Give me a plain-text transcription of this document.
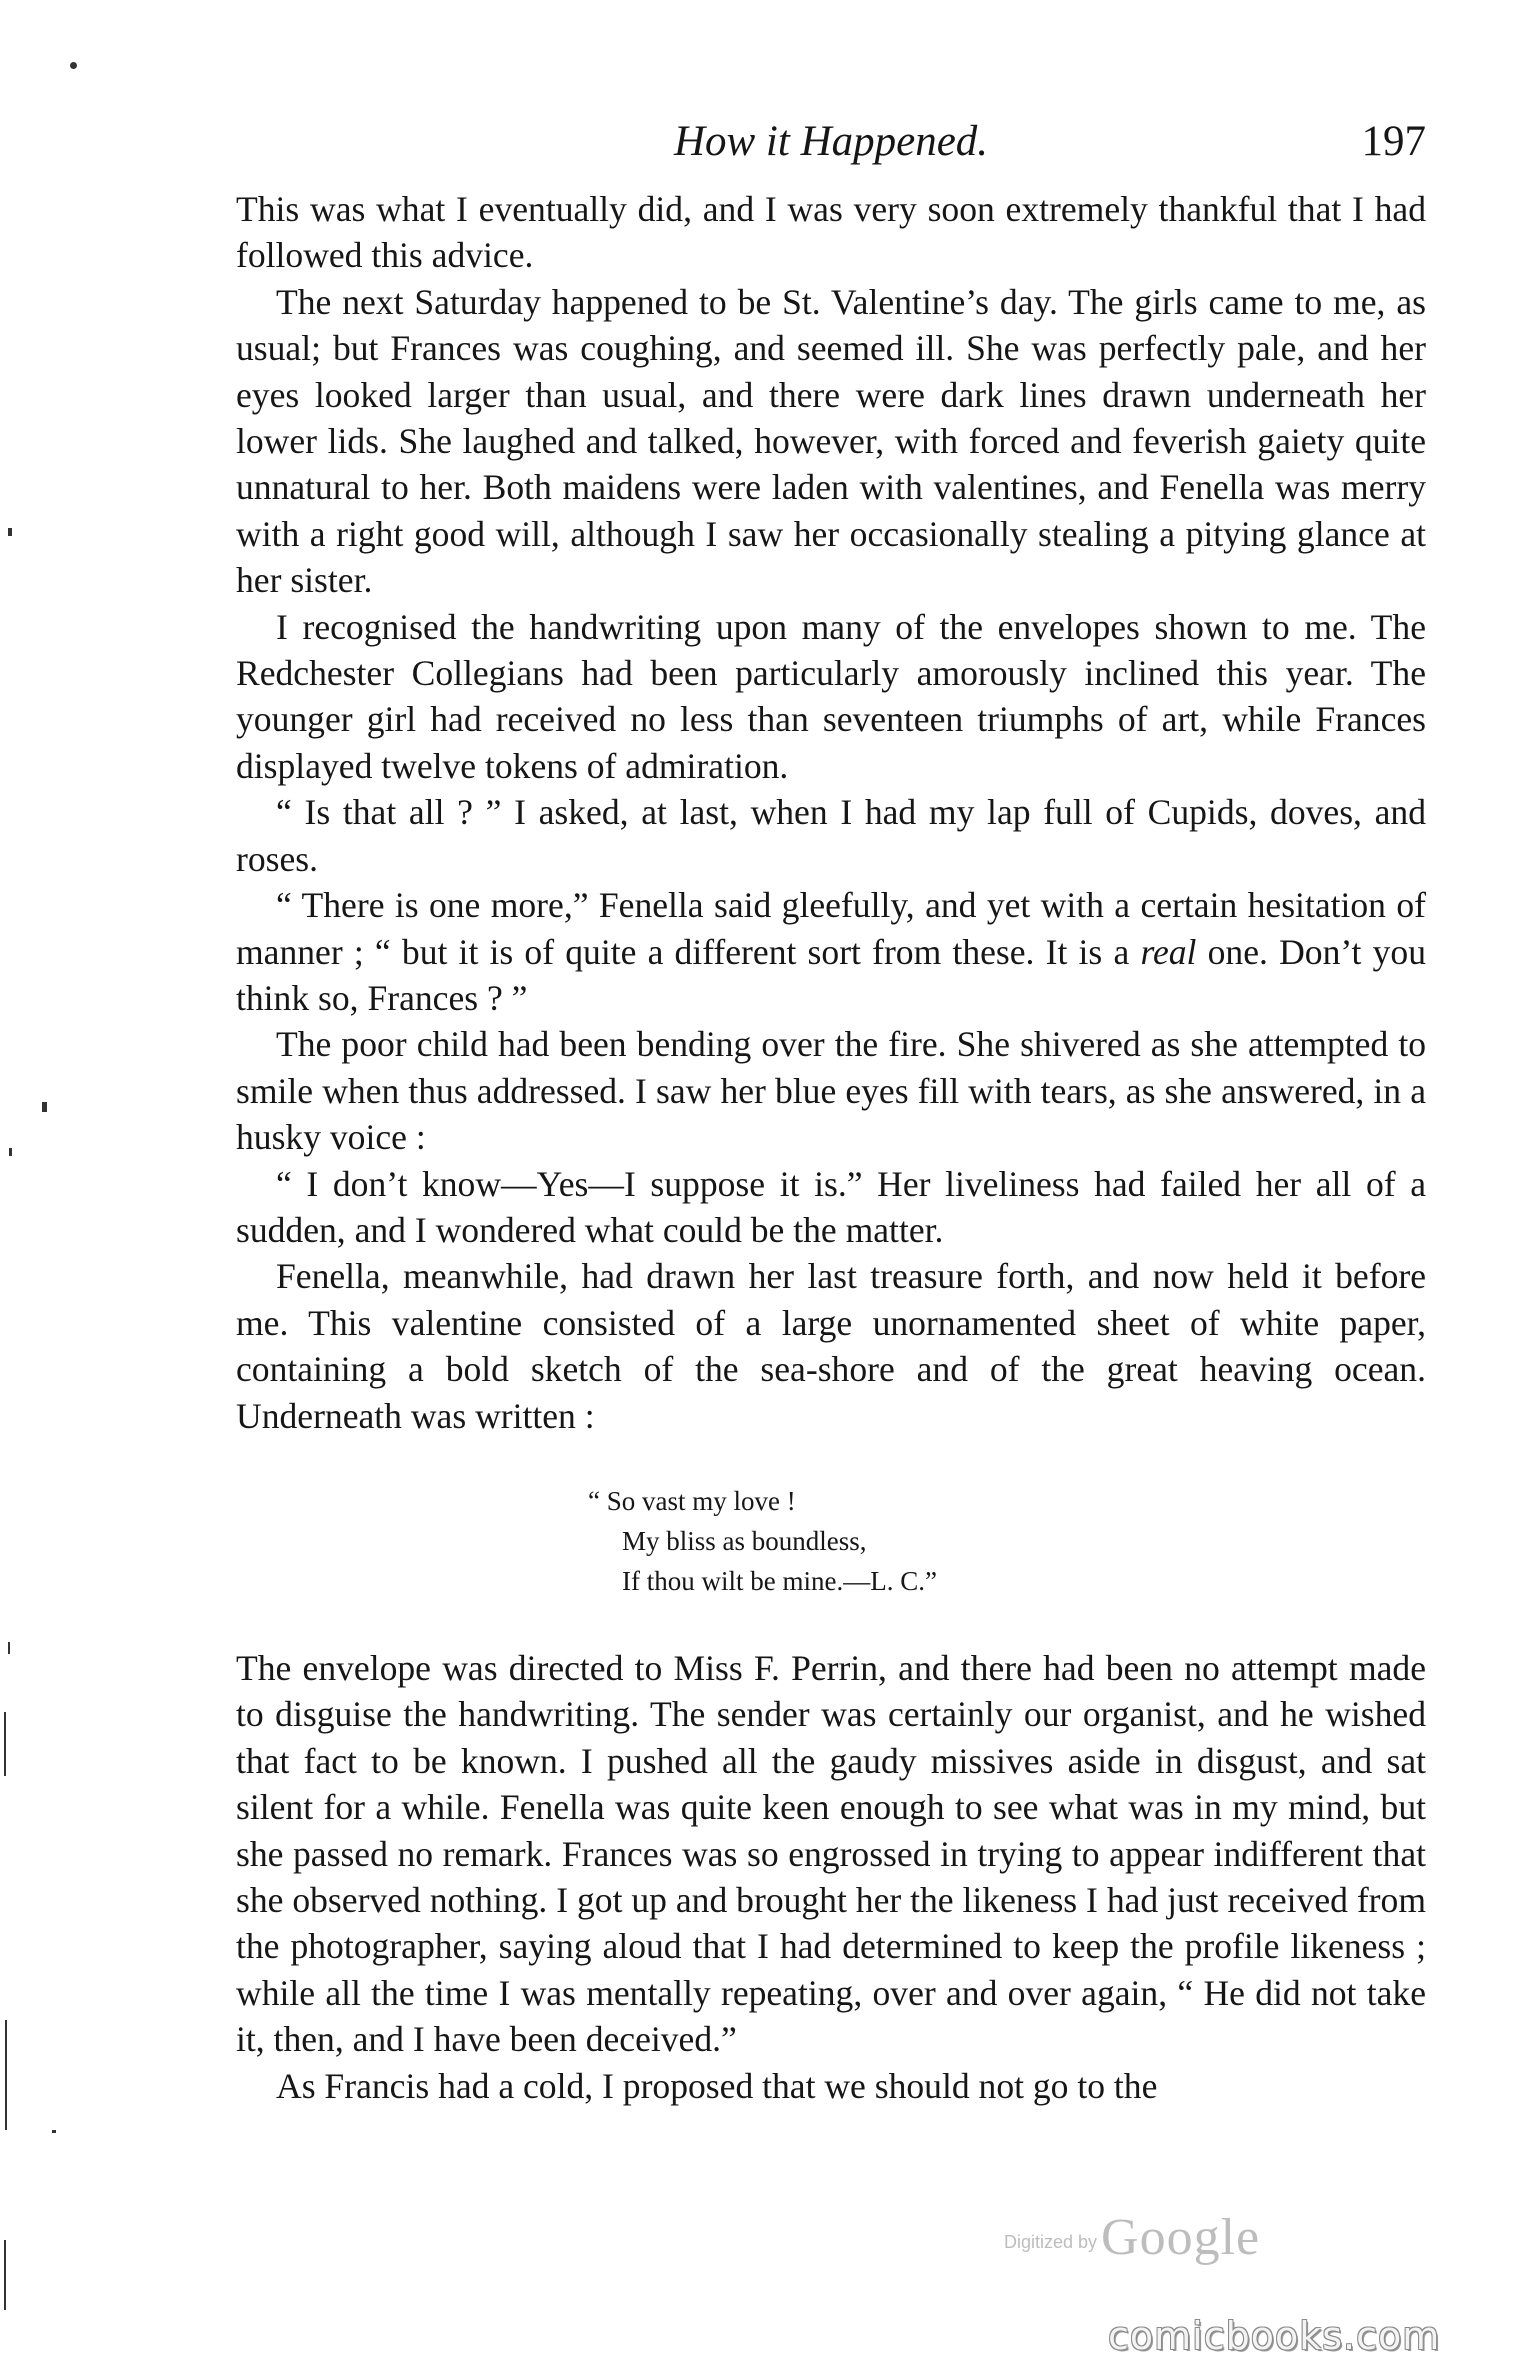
How it Happened.	197

This was what I eventually did, and I was very soon extremely thankful that I had followed this advice.

The next Saturday happened to be St. Valentine’s day. The girls came to me, as usual; but Frances was coughing, and seemed ill. She was perfectly pale, and her eyes looked larger than usual, and there were dark lines drawn underneath her lower lids. She laughed and talked, however, with forced and feverish gaiety quite unnatural to her. Both maidens were laden with valentines, and Fenella was merry with a right good will, although I saw her occasionally stealing a pitying glance at her sister.

I recognised the handwriting upon many of the envelopes shown to me. The Redchester Collegians had been particularly amorously inclined this year. The younger girl had received no less than seventeen triumphs of art, while Frances displayed twelve tokens of admiration.

“ Is that all ? ” I asked, at last, when I had my lap full of Cupids, doves, and roses.

“ There is one more,” Fenella said gleefully, and yet with a certain hesitation of manner ; “ but it is of quite a different sort from these. It is a real one. Don’t you think so, Frances ? ”

The poor child had been bending over the fire. She shivered as she attempted to smile when thus addressed. I saw her blue eyes fill with tears, as she answered, in a husky voice :

“ I don’t know—Yes—I suppose it is.” Her liveliness had failed her all of a sudden, and I wondered what could be the matter.

Fenella, meanwhile, had drawn her last treasure forth, and now held it before me. This valentine consisted of a large unornamented sheet of white paper, containing a bold sketch of the sea-shore and of the great heaving ocean. Underneath was written :

“ So vast my love !
My bliss as boundless,
If thou wilt be mine.—L. C.”

The envelope was directed to Miss F. Perrin, and there had been no attempt made to disguise the handwriting. The sender was certainly our organist, and he wished that fact to be known. I pushed all the gaudy missives aside in disgust, and sat silent for a while. Fenella was quite keen enough to see what was in my mind, but she passed no remark. Frances was so engrossed in trying to appear indifferent that she observed nothing. I got up and brought her the likeness I had just received from the photographer, saying aloud that I had determined to keep the profile likeness ; while all the time I was mentally repeating, over and over again, “ He did not take it, then, and I have been deceived.”

As Francis had a cold, I proposed that we should not go to the

Digitized byGoogle
comicbooks.com
